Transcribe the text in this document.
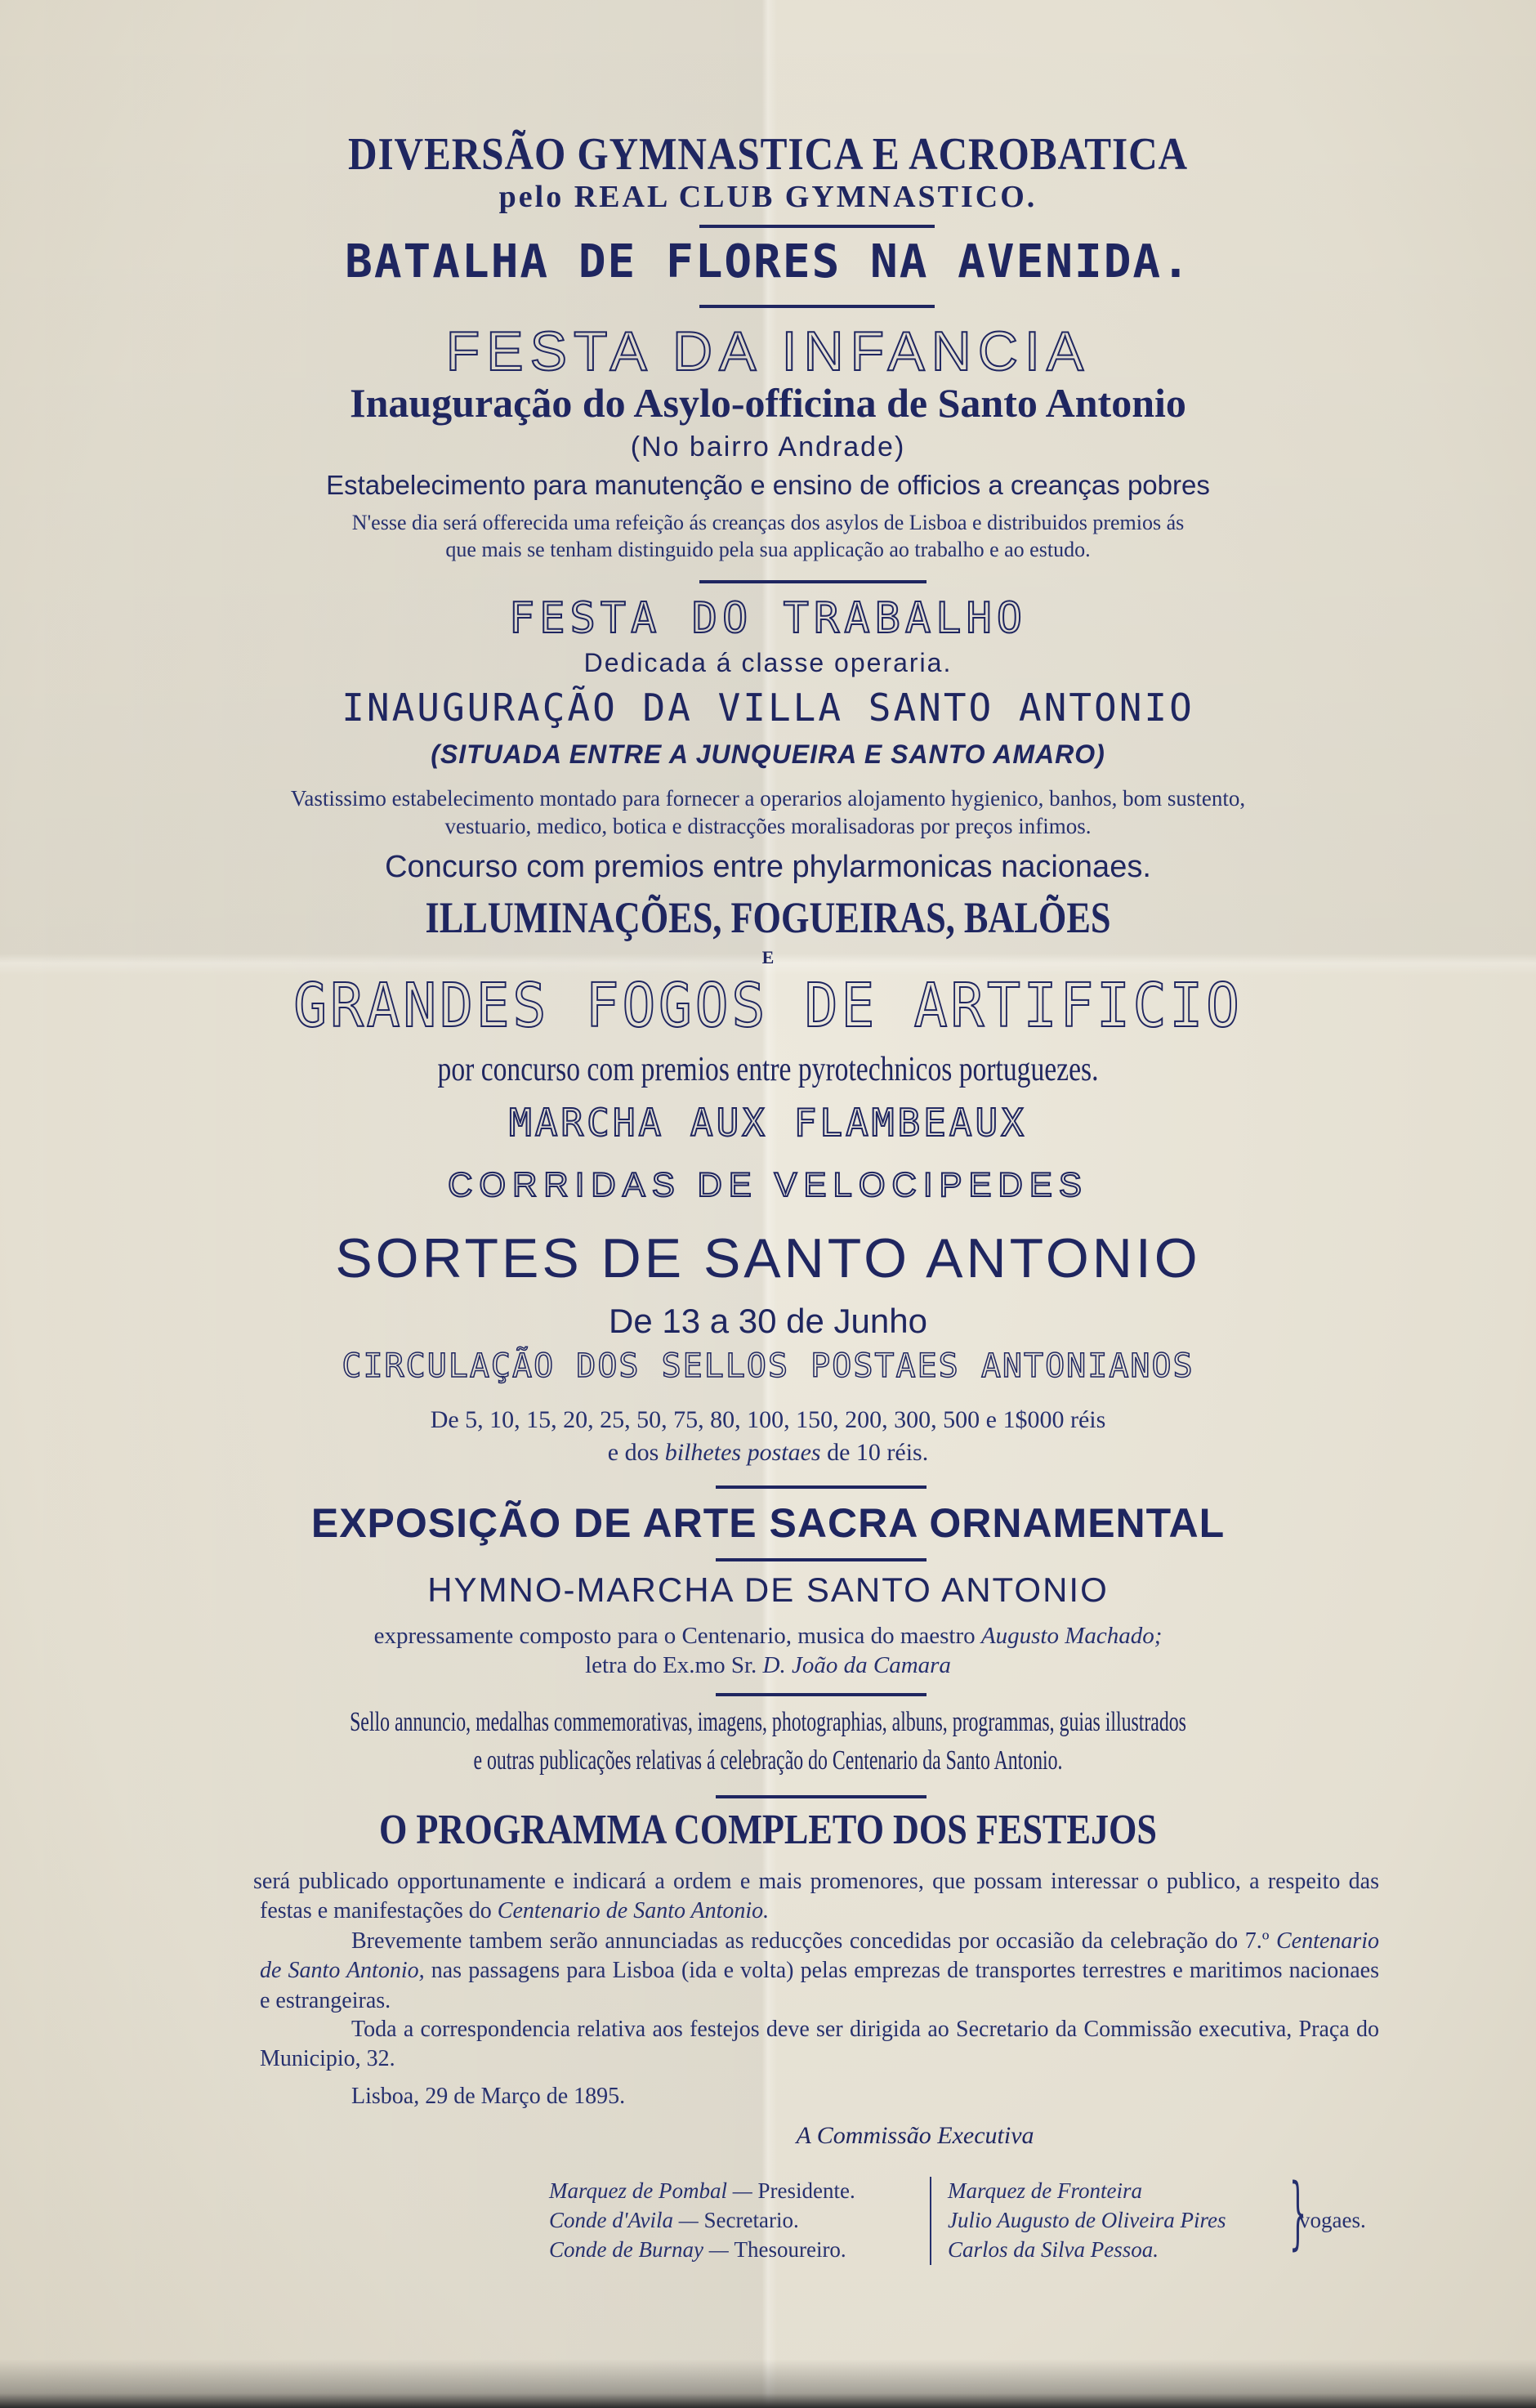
DIVERSÃO GYMNASTICA E ACROBATICA

pelo REAL CLUB GYMNASTICO.

BATALHA DE FLORES NA AVENIDA.

FESTA DA INFANCIA

Inauguração do Asylo-officina de Santo Antonio

(No bairro Andrade)

Estabelecimento para manutenção e ensino de officios a creanças pobres

N'esse dia será offerecida uma refeição ás creanças dos asylos de Lisboa e distribuidos premios ás

que mais se tenham distinguido pela sua applicação ao trabalho e ao estudo.

FESTA DO TRABALHO

Dedicada á classe operaria.

INAUGURAÇÃO DA VILLA SANTO ANTONIO

(SITUADA ENTRE A JUNQUEIRA E SANTO AMARO)

Vastissimo estabelecimento montado para fornecer a operarios alojamento hygienico, banhos, bom sustento,

vestuario, medico, botica e distracções moralisadoras por preços infimos.

Concurso com premios entre phylarmonicas nacionaes.

ILLUMINAÇÕES, FOGUEIRAS, BALÕES

E

GRANDES FOGOS DE ARTIFICIO

por concurso com premios entre pyrotechnicos portuguezes.

MARCHA AUX FLAMBEAUX

CORRIDAS DE VELOCIPEDES

SORTES DE SANTO ANTONIO

De 13 a 30 de Junho

CIRCULAÇÃO DOS SELLOS POSTAES ANTONIANOS

De 5, 10, 15, 20, 25, 50, 75, 80, 100, 150, 200, 300, 500 e 1$000 réis

e dos bilhetes postaes de 10 réis.

EXPOSIÇÃO DE ARTE SACRA ORNAMENTAL

HYMNO-MARCHA DE SANTO ANTONIO

expressamente composto para o Centenario, musica do maestro Augusto Machado;

letra do Ex.mo Sr. D. João da Camara

Sello annuncio, medalhas commemorativas, imagens, photographias, albuns, programmas, guias illustrados

e outras publicações relativas á celebração do Centenario da Santo Antonio.

O PROGRAMMA COMPLETO DOS FESTEJOS

será publicado opportunamente e indicará a ordem e mais promenores, que possam interessar o publico, a respeito das festas e manifestações do Centenario de Santo Antonio.

Brevemente tambem serão annunciadas as reducções concedidas por occasião da celebração do 7.º Centenario de Santo Antonio, nas passagens para Lisboa (ida e volta) pelas emprezas de transportes terrestres e maritimos nacionaes e estrangeiras.

Toda a correspondencia relativa aos festejos deve ser dirigida ao Secretario da Commissão executiva, Praça do Municipio, 32.

Lisboa, 29 de Março de 1895.

A Commissão Executiva

Marquez de Pombal — Presidente.
Conde d'Avila — Secretario.
Conde de Burnay — Thesoureiro.
Marquez de Fronteira
Julio Augusto de Oliveira Pires
Carlos da Silva Pessoa. }
vogaes.
